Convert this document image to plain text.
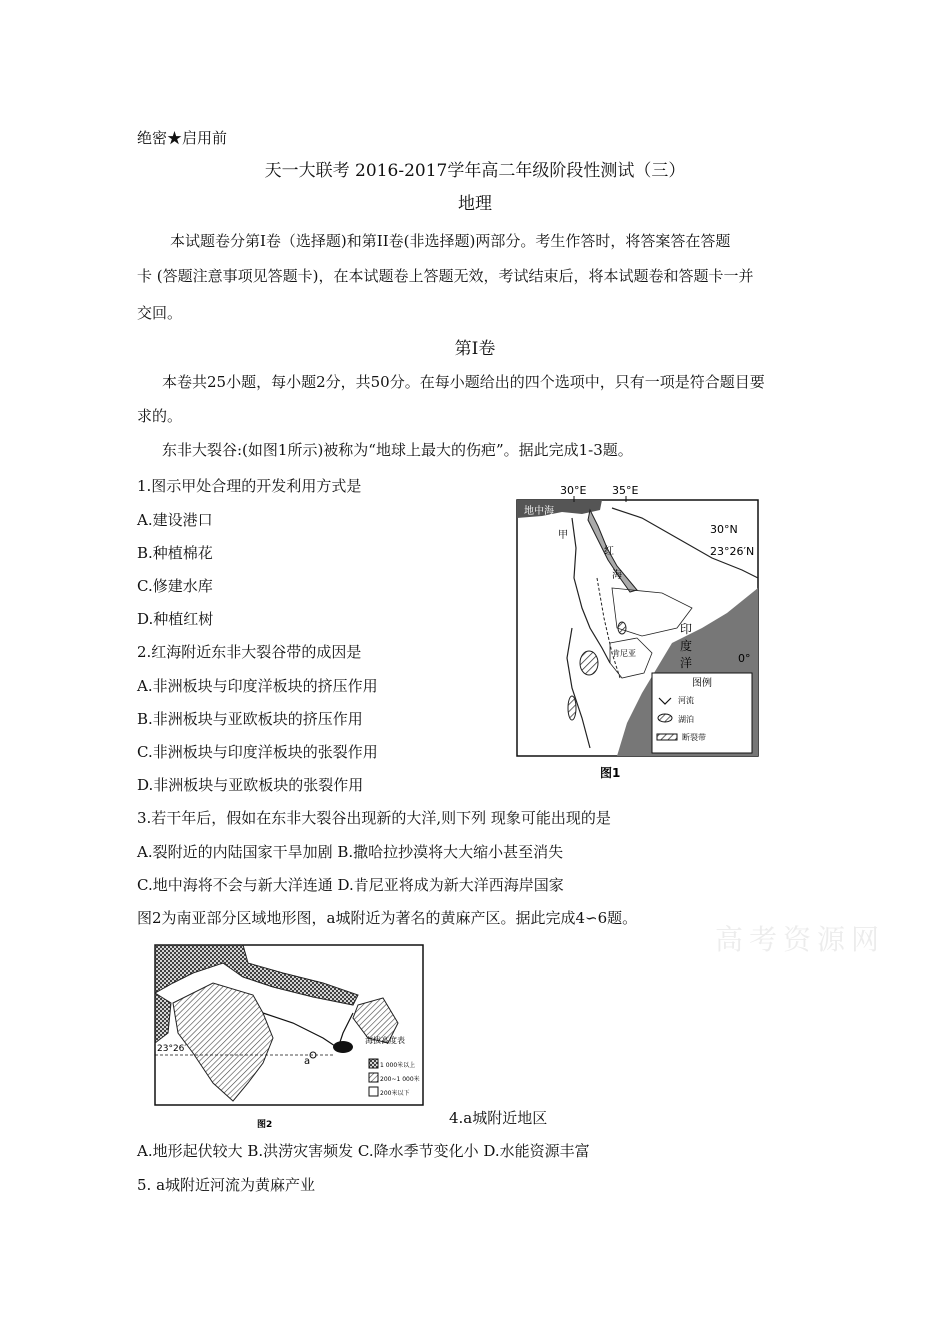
绝密★启用前
天一大联考 2016-2017学年高二年级阶段性测试（三）
地理
本试题卷分第Ⅰ卷（选择题)和第II卷(非选择题)两部分。考生作答时，将答案答在答题
卡 (答题注意事项见答题卡)，在本试题卷上答题无效，考试结束后，将本试题卷和答题卡一并
交回。
第Ⅰ卷
本卷共25小题，每小题2分，共50分。在每小题给出的四个选项中，只有一项是符合题目要
求的。
东非大裂谷:(如图1所示)被称为“地球上最大的伤疤”。据此完成1-3题。
1.图示甲处合理的开发利用方式是
A.建设港口
B.种植棉花
C.修建水库
D.种植红树
2.红海附近东非大裂谷带的成因是
A.非洲板块与印度洋板块的挤压作用
B.非洲板块与亚欧板块的挤压作用
C.非洲板块与印度洋板块的张裂作用
D.非洲板块与亚欧板块的张裂作用
3.若干年后，假如在东非大裂谷出现新的大洋,则下列 现象可能出现的是
A.裂附近的内陆国家干旱加剧 B.撒哈拉抄漠将大大缩小甚至消失
C.地中海将不会与新大洋连通 D.肯尼亚将成为新大洋西海岸国家
图2为南亚部分区域地形图，a城附近为著名的黄麻产区。据此完成4∽6题。
4.a城附近地区
A.地形起伏较大 B.洪涝灾害频发 C.降水季节变化小 D.水能资源丰富
5. a城附近河流为黄麻产业
高考资源网
30°E 35°E
30°N
23°26′N
0°
地中海
甲
红
海
印
度
洋
肯尼亚
图例
河流
湖泊
断裂带
图1
23°26′
a
海拔高度表
1 000米以上
200~1 000米
200米以下
图2
